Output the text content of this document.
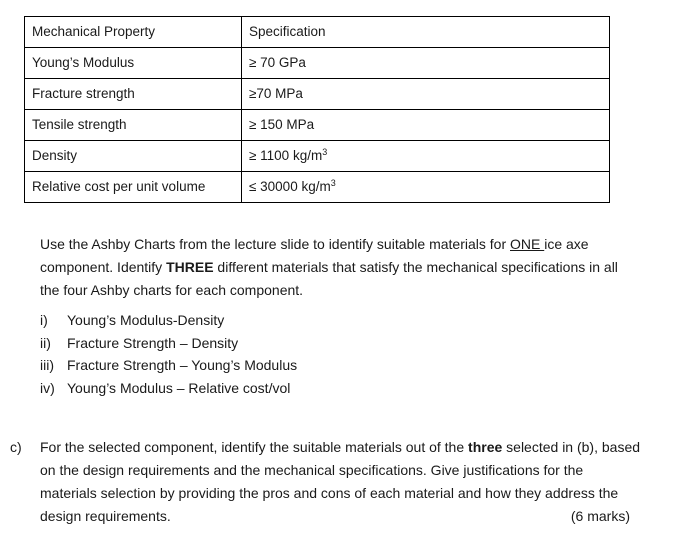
Mechanical Property	Specification
Young’s Modulus	≥ 70 GPa
Fracture strength	≥70 MPa
Tensile strength	≥ 150 MPa
Density	≥ 1100 $kg/m^3$
Relative cost per unit volume	≤ 30000 $kg/m^3$

Use the Ashby Charts from the lecture slide to identify suitable materials for ONE ice axe component. Identify THREE different materials that satisfy the mechanical specifications in all the four Ashby charts for each component.

i)	Young’s Modulus-Density
ii)	Fracture Strength – Density
iii) Fracture Strength – Young’s Modulus
iv) Young’s Modulus – Relative cost/vol
c) For the selected component, identify the suitable materials out of the three selected in (b), based on the design requirements and the mechanical specifications. Give justifications for the materials selection by providing the pros and cons of each material and how they address the design requirements.	(6 marks)
